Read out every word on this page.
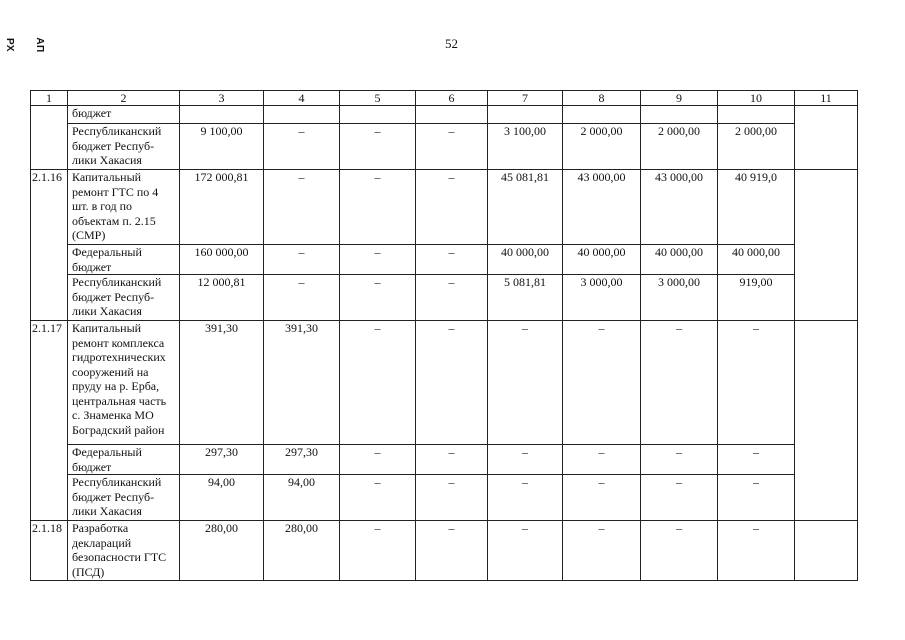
АП РХ	52
1	2	3	4	5	6	7	8	9	10	11
	бюджет									
	Республиканский бюджет Респуб- лики Хакасия	9 100,00	–	–	–	3 100,00	2 000,00	2 000,00	2 000,00	
2.1.16	Капитальный ремонт ГТС по 4 шт. в год по объектам п. 2.15 (СМР)	172 000,81	–	–	–	45 081,81	43 000,00	43 000,00	40 919,0	
	Федеральный бюджет	160 000,00	–	–	–	40 000,00	40 000,00	40 000,00	40 000,00	
	Республиканский бюджет Респуб-лики Хакасия	12 000,81	–	–	–	5 081,81	3 000,00	3 000,00	919,00	
2.1.17	Капитальный ремонт комплекса гидротехнических сооружений на пруду на р. Ерба, центральная часть с. Знаменка МО Боградский район	391,30	391,30	–	–	–	–	–	–	
	Федеральный бюджет	297,30	297,30	–	–	–	–	–	–	
	Республиканский бюджет Респуб-лики Хакасия	94,00	94,00	–	–	–	–	–	–	
2.1.18	Разработка деклараций безопасности ГТС (ПСД)	280,00	280,00	–	–	–	–	–	–	
